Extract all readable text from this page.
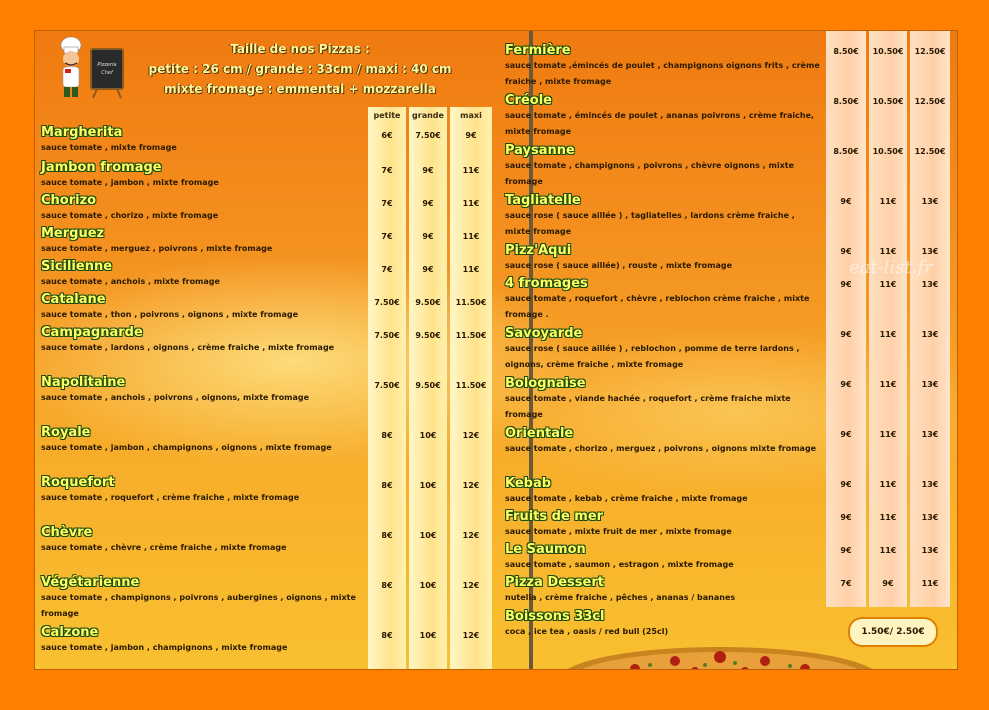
petite	grande	maxi
Pizzeria Chef
Taille de nos Pizzas :
petite : 26 cm / grande : 33cm / maxi : 40 cm
mixte fromage : emmental + mozzarella
Margherita
sauce tomate , mixte fromage
6€	7.50€	9€
Jambon fromage
sauce tomate , jambon , mixte fromage
7€	9€	11€
Chorizo
sauce tomate , chorizo , mixte fromage
7€	9€	11€
Merguez
sauce tomate , merguez , poivrons , mixte fromage
7€	9€	11€
Sicilienne
sauce tomate , anchois , mixte fromage
7€	9€	11€
Catalane
sauce tomate , thon , poivrons , oignons , mixte fromage
7.50€	9.50€	11.50€
Campagnarde
sauce tomate , lardons , oignons , crème fraiche , mixte fromage
7.50€	9.50€	11.50€
Napolitaine
sauce tomate , anchois , poivrons , oignons, mixte fromage
7.50€	9.50€	11.50€
Royale
sauce tomate , jambon , champignons , oignons , mixte fromage
8€	10€	12€
Roquefort
sauce tomate , roquefort , crème fraiche , mixte fromage
8€	10€	12€
Chèvre
sauce tomate , chèvre , crème fraiche , mixte fromage
8€	10€	12€
Végétarienne
sauce tomate , champignons , poivrons , aubergines , oignons , mixte fromage
8€	10€	12€
Calzone
sauce tomate , jambon , champignons , mixte fromage
8€	10€	12€
Fermière
sauce tomate ,émincés de poulet , champignons oignons frits , crème fraiche , mixte fromage
8.50€	10.50€	12.50€
Créole
sauce tomate , émincés de poulet , ananas poivrons , crème fraiche, mixte fromage
8.50€	10.50€	12.50€
Paysanne
sauce tomate , champignons , poivrons , chèvre oignons , mixte fromage
8.50€	10.50€	12.50€
Tagliatelle
sauce rose ( sauce aillée ) , tagliatelles , lardons crème fraiche , mixte fromage
9€	11€	13€
Pizz'Aqui
sauce rose ( sauce aillée) , rouste , mixte fromage
9€	11€	13€
4 fromages
sauce tomate , roquefort , chèvre , reblochon crème fraiche , mixte fromage .
9€	11€	13€
Savoyarde
sauce rose ( sauce aillée ) , reblochon , pomme de terre lardons , oignons, crème fraiche , mixte fromage
9€	11€	13€
Bolognaise
sauce tomate , viande hachée , roquefort , crème fraiche mixte fromage
9€	11€	13€
Orientale
sauce tomate , chorizo , merguez , poivrons , oignons mixte fromage
9€	11€	13€
Kebab
sauce tomate , kebab , crème fraiche , mixte fromage
9€	11€	13€
Fruits de mer
sauce tomate , mixte fruit de mer , mixte fromage
9€	11€	13€
Le Saumon
sauce tomate , saumon , estragon , mixte fromage
9€	11€	13€
Pizza Dessert
nutella , crème fraiche , pêches , ananas / bananes
7€	9€	11€
Boissons 33cl
coca , ice tea , oasis / red bull (25cl)	1.50€/ 2.50€
eat-list.fr
